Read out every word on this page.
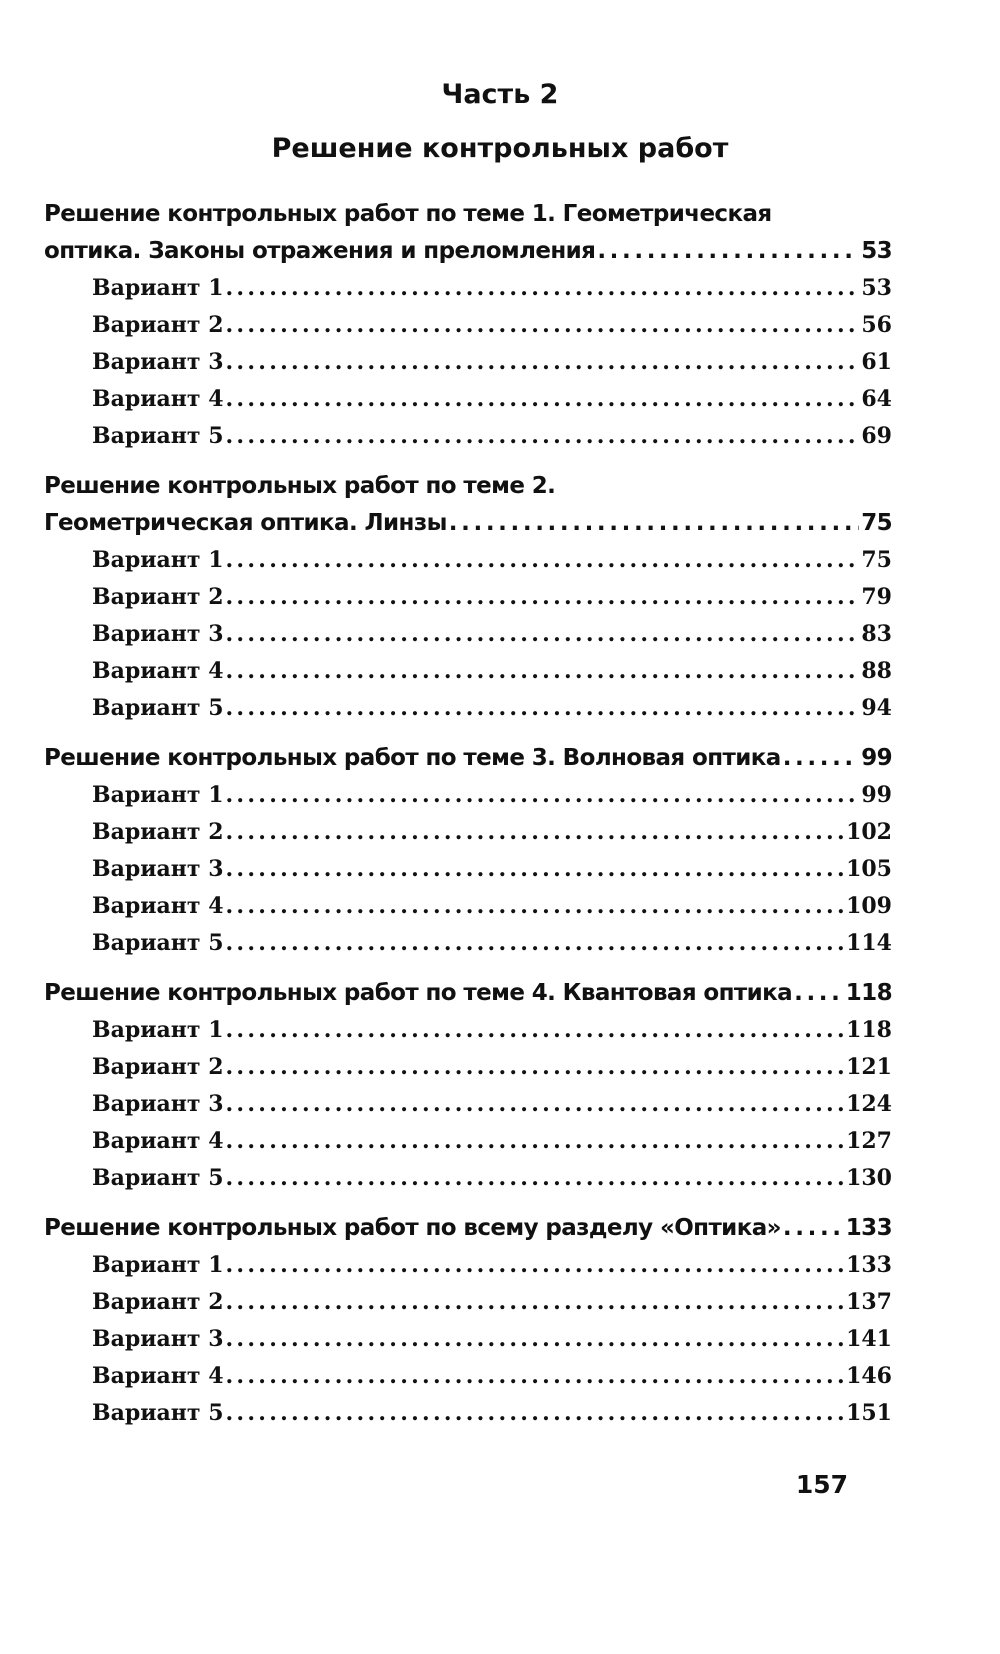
Часть 2
Решение контрольных работ
Решение контрольных работ по теме 1. Геометрическая
оптика. Законы отражения и преломления . . .	53
Вариант 1 . . .	53
Вариант 2 . . .	56
Вариант 3 . . .	61
Вариант 4 . . .	64
Вариант 5 . . .	69
Решение контрольных работ по теме 2.
Геометрическая оптика. Линзы . . .	75
Вариант 1 . . .	75
Вариант 2 . . .	79
Вариант 3 . . .	83
Вариант 4 . . .	88
Вариант 5 . . .	94
Решение контрольных работ по теме 3. Волновая оптика . . .	99
Вариант 1 . . .	99
Вариант 2 . . .	102
Вариант 3 . . .	105
Вариант 4 . . .	109
Вариант 5 . . .	114
Решение контрольных работ по теме 4. Квантовая оптика . . . 118
Вариант 1 . . .	118
Вариант 2 . . .	121
Вариант 3 . . .	124
Вариант 4 . . .	127
Вариант 5 . . .	130
Решение контрольных работ по всему разделу «Оптика» . . .	133
Вариант 1 . . .	133
Вариант 2 . . .	137
Вариант 3 . . .	141
Вариант 4 . . .	146
Вариант 5 . . .	151
157
